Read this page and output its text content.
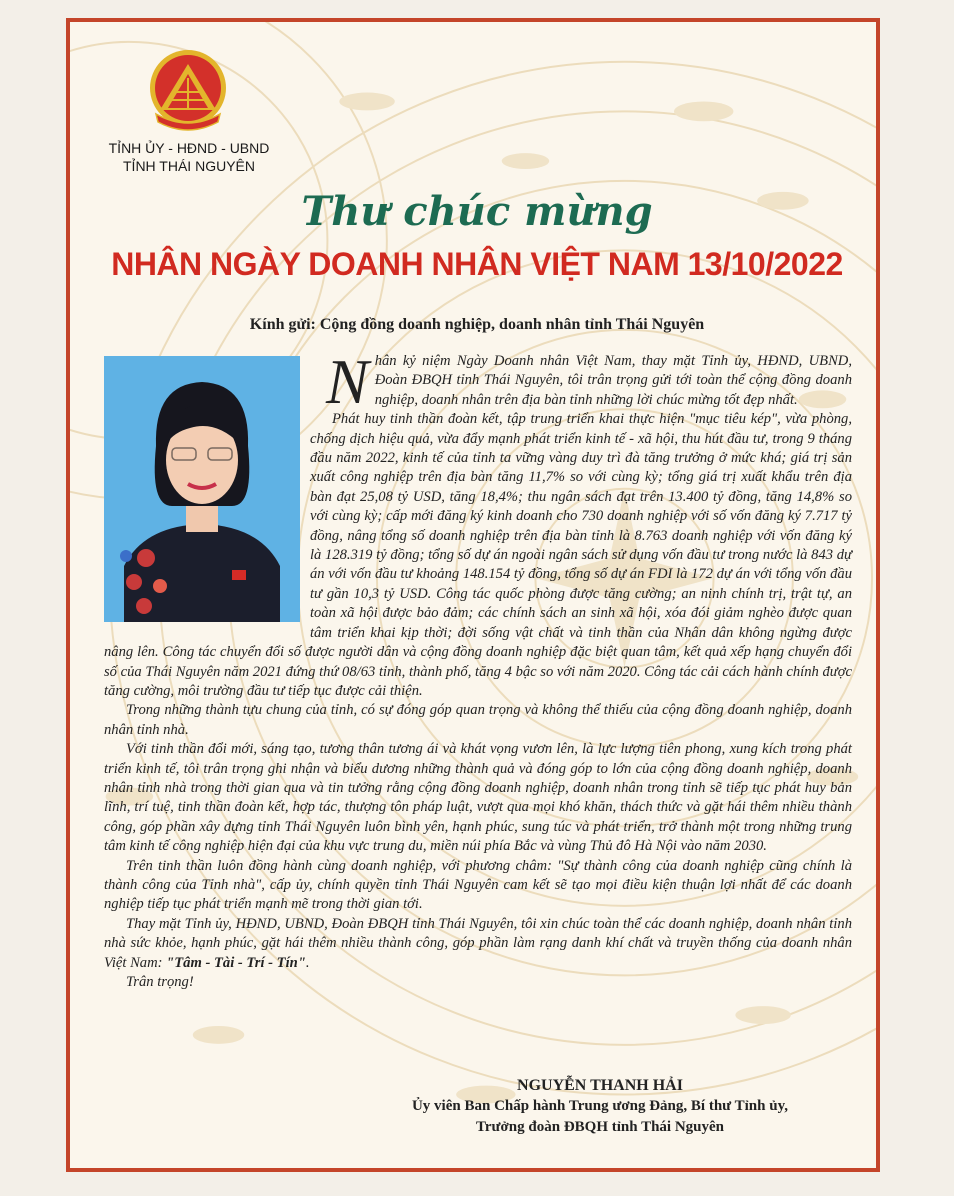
TỈNH ỦY - HĐND - UBND
TỈNH THÁI NGUYÊN
Thư chúc mừng
NHÂN NGÀY DOANH NHÂN VIỆT NAM 13/10/2022
Kính gửi: Cộng đồng doanh nghiệp, doanh nhân tỉnh Thái Nguyên

Nhân kỷ niệm Ngày Doanh nhân Việt Nam, thay mặt Tỉnh ủy, HĐND, UBND, Đoàn ĐBQH tỉnh Thái Nguyên, tôi trân trọng gửi tới toàn thể cộng đồng doanh nghiệp, doanh nhân trên địa bàn tỉnh những lời chúc mừng tốt đẹp nhất.

Phát huy tinh thần đoàn kết, tập trung triển khai thực hiện "mục tiêu kép", vừa phòng, chống dịch hiệu quả, vừa đẩy mạnh phát triển kinh tế - xã hội, thu hút đầu tư, trong 9 tháng đầu năm 2022, kinh tế của tỉnh ta vững vàng duy trì đà tăng trưởng ở mức khá; giá trị sản xuất công nghiệp trên địa bàn tăng 11,7% so với cùng kỳ; tổng giá trị xuất khẩu trên địa bàn đạt 25,08 tỷ USD, tăng 18,4%; thu ngân sách đạt trên 13.400 tỷ đồng, tăng 14,8% so với cùng kỳ; cấp mới đăng ký kinh doanh cho 730 doanh nghiệp với số vốn đăng ký 7.717 tỷ đồng, nâng tổng số doanh nghiệp trên địa bàn tỉnh là 8.763 doanh nghiệp với vốn đăng ký là 128.319 tỷ đồng; tổng số dự án ngoài ngân sách sử dụng vốn đầu tư trong nước là 843 dự án với vốn đầu tư khoảng 148.154 tỷ đồng, tổng số dự án FDI là 172 dự án với tổng vốn đầu tư gần 10,3 tỷ USD. Công tác quốc phòng được tăng cường; an ninh chính trị, trật tự, an toàn xã hội được bảo đảm; các chính sách an sinh xã hội, xóa đói giảm nghèo được quan tâm triển khai kịp thời; đời sống vật chất và tinh thần của Nhân dân không ngừng được nâng lên. Công tác chuyển đổi số được người dân và cộng đồng doanh nghiệp đặc biệt quan tâm, kết quả xếp hạng chuyển đổi số của Thái Nguyên năm 2021 đứng thứ 08/63 tỉnh, thành phố, tăng 4 bậc so với năm 2020. Công tác cải cách hành chính được tăng cường, môi trường đầu tư tiếp tục được cải thiện.

Trong những thành tựu chung của tỉnh, có sự đóng góp quan trọng và không thể thiếu của cộng đồng doanh nghiệp, doanh nhân tỉnh nhà.

Với tinh thần đổi mới, sáng tạo, tương thân tương ái và khát vọng vươn lên, là lực lượng tiên phong, xung kích trong phát triển kinh tế, tôi trân trọng ghi nhận và biểu dương những thành quả và đóng góp to lớn của cộng đồng doanh nghiệp, doanh nhân tỉnh nhà trong thời gian qua và tin tưởng rằng cộng đồng doanh nghiệp, doanh nhân trong tỉnh sẽ tiếp tục phát huy bản lĩnh, trí tuệ, tinh thần đoàn kết, hợp tác, thượng tôn pháp luật, vượt qua mọi khó khăn, thách thức và gặt hái thêm nhiều thành công, góp phần xây dựng tỉnh Thái Nguyên luôn bình yên, hạnh phúc, sung túc và phát triển, trở thành một trong những trung tâm kinh tế công nghiệp hiện đại của khu vực trung du, miền núi phía Bắc và vùng Thủ đô Hà Nội vào năm 2030.

Trên tinh thần luôn đồng hành cùng doanh nghiệp, với phương châm: "Sự thành công của doanh nghiệp cũng chính là thành công của Tỉnh nhà", cấp ủy, chính quyền tỉnh Thái Nguyên cam kết sẽ tạo mọi điều kiện thuận lợi nhất để các doanh nghiệp tiếp tục phát triển mạnh mẽ trong thời gian tới.

Thay mặt Tỉnh ủy, HĐND, UBND, Đoàn ĐBQH tỉnh Thái Nguyên, tôi xin chúc toàn thể các doanh nghiệp, doanh nhân tỉnh nhà sức khỏe, hạnh phúc, gặt hái thêm nhiều thành công, góp phần làm rạng danh khí chất và truyền thống của doanh nhân Việt Nam: "Tâm - Tài - Trí - Tín".

Trân trọng!

NGUYỄN THANH HẢI
Ủy viên Ban Chấp hành Trung ương Đảng, Bí thư Tỉnh ủy,
Trưởng đoàn ĐBQH tỉnh Thái Nguyên
